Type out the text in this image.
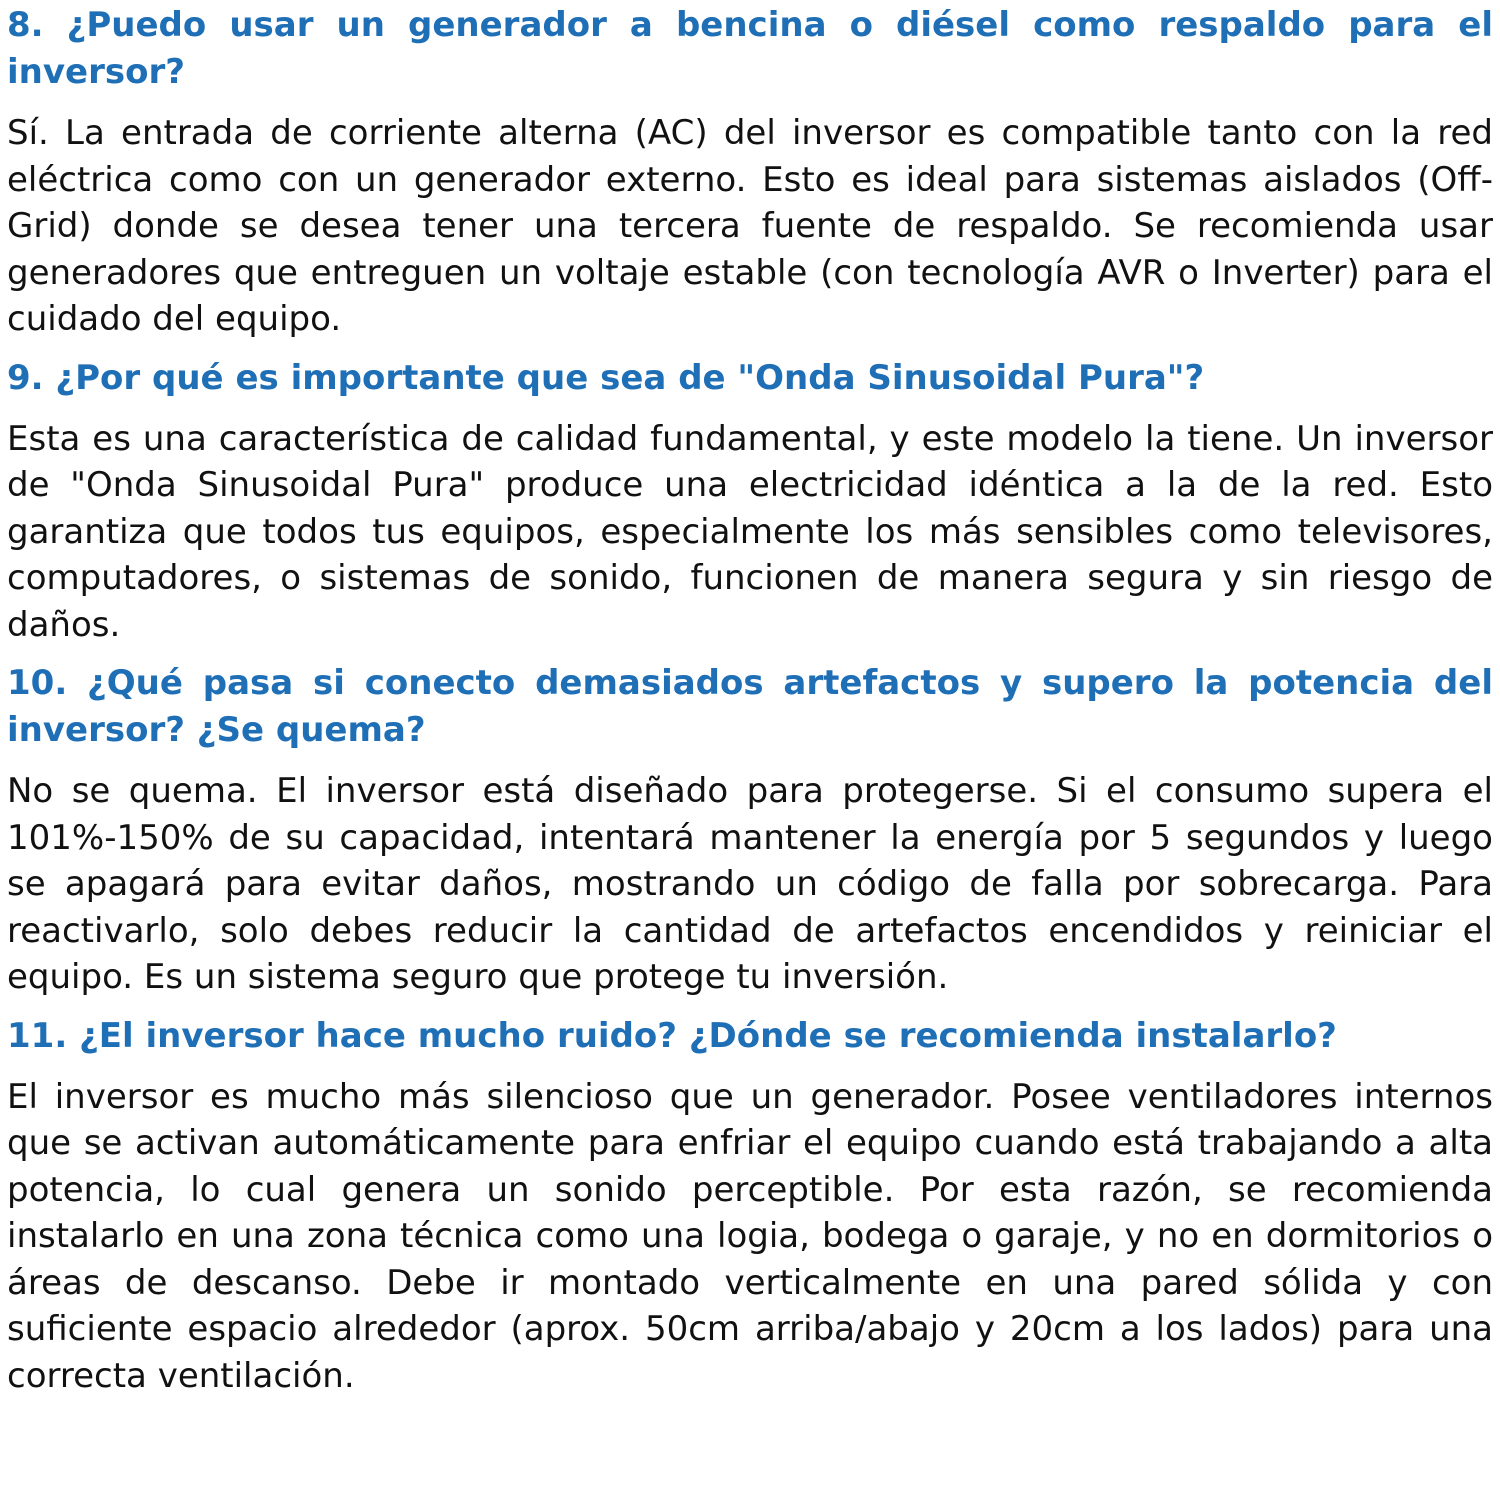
8. ¿Puedo usar un generador a bencina o diésel como respaldo para el inversor?

Sí. La entrada de corriente alterna (AC) del inversor es compatible tanto con la red eléctrica como con un generador externo. Esto es ideal para sistemas aislados (Off-Grid) donde se desea tener una tercera fuente de respaldo. Se recomienda usar generadores que entreguen un voltaje estable (con tecnología AVR o Inverter) para el cuidado del equipo.

9. ¿Por qué es importante que sea de "Onda Sinusoidal Pura"?

Esta es una característica de calidad fundamental, y este modelo la tiene. Un inversor de "Onda Sinusoidal Pura" produce una electricidad idéntica a la de la red. Esto garantiza que todos tus equipos, especialmente los más sensibles como televisores, computadores, o sistemas de sonido, funcionen de manera segura y sin riesgo de daños.

10. ¿Qué pasa si conecto demasiados artefactos y supero la potencia del inversor? ¿Se quema?

No se quema. El inversor está diseñado para protegerse. Si el consumo supera el 101%-150% de su capacidad, intentará mantener la energía por 5 segundos y luego se apagará para evitar daños, mostrando un código de falla por sobrecarga. Para reactivarlo, solo debes reducir la cantidad de artefactos encendidos y reiniciar el equipo. Es un sistema seguro que protege tu inversión.

11. ¿El inversor hace mucho ruido? ¿Dónde se recomienda instalarlo?

El inversor es mucho más silencioso que un generador. Posee ventiladores internos que se activan automáticamente para enfriar el equipo cuando está trabajando a alta potencia, lo cual genera un sonido perceptible. Por esta razón, se recomienda instalarlo en una zona técnica como una logia, bodega o garaje, y no en dormitorios o áreas de descanso. Debe ir montado verticalmente en una pared sólida y con suficiente espacio alrededor (aprox. 50cm arriba/abajo y 20cm a los lados) para una correcta ventilación.
